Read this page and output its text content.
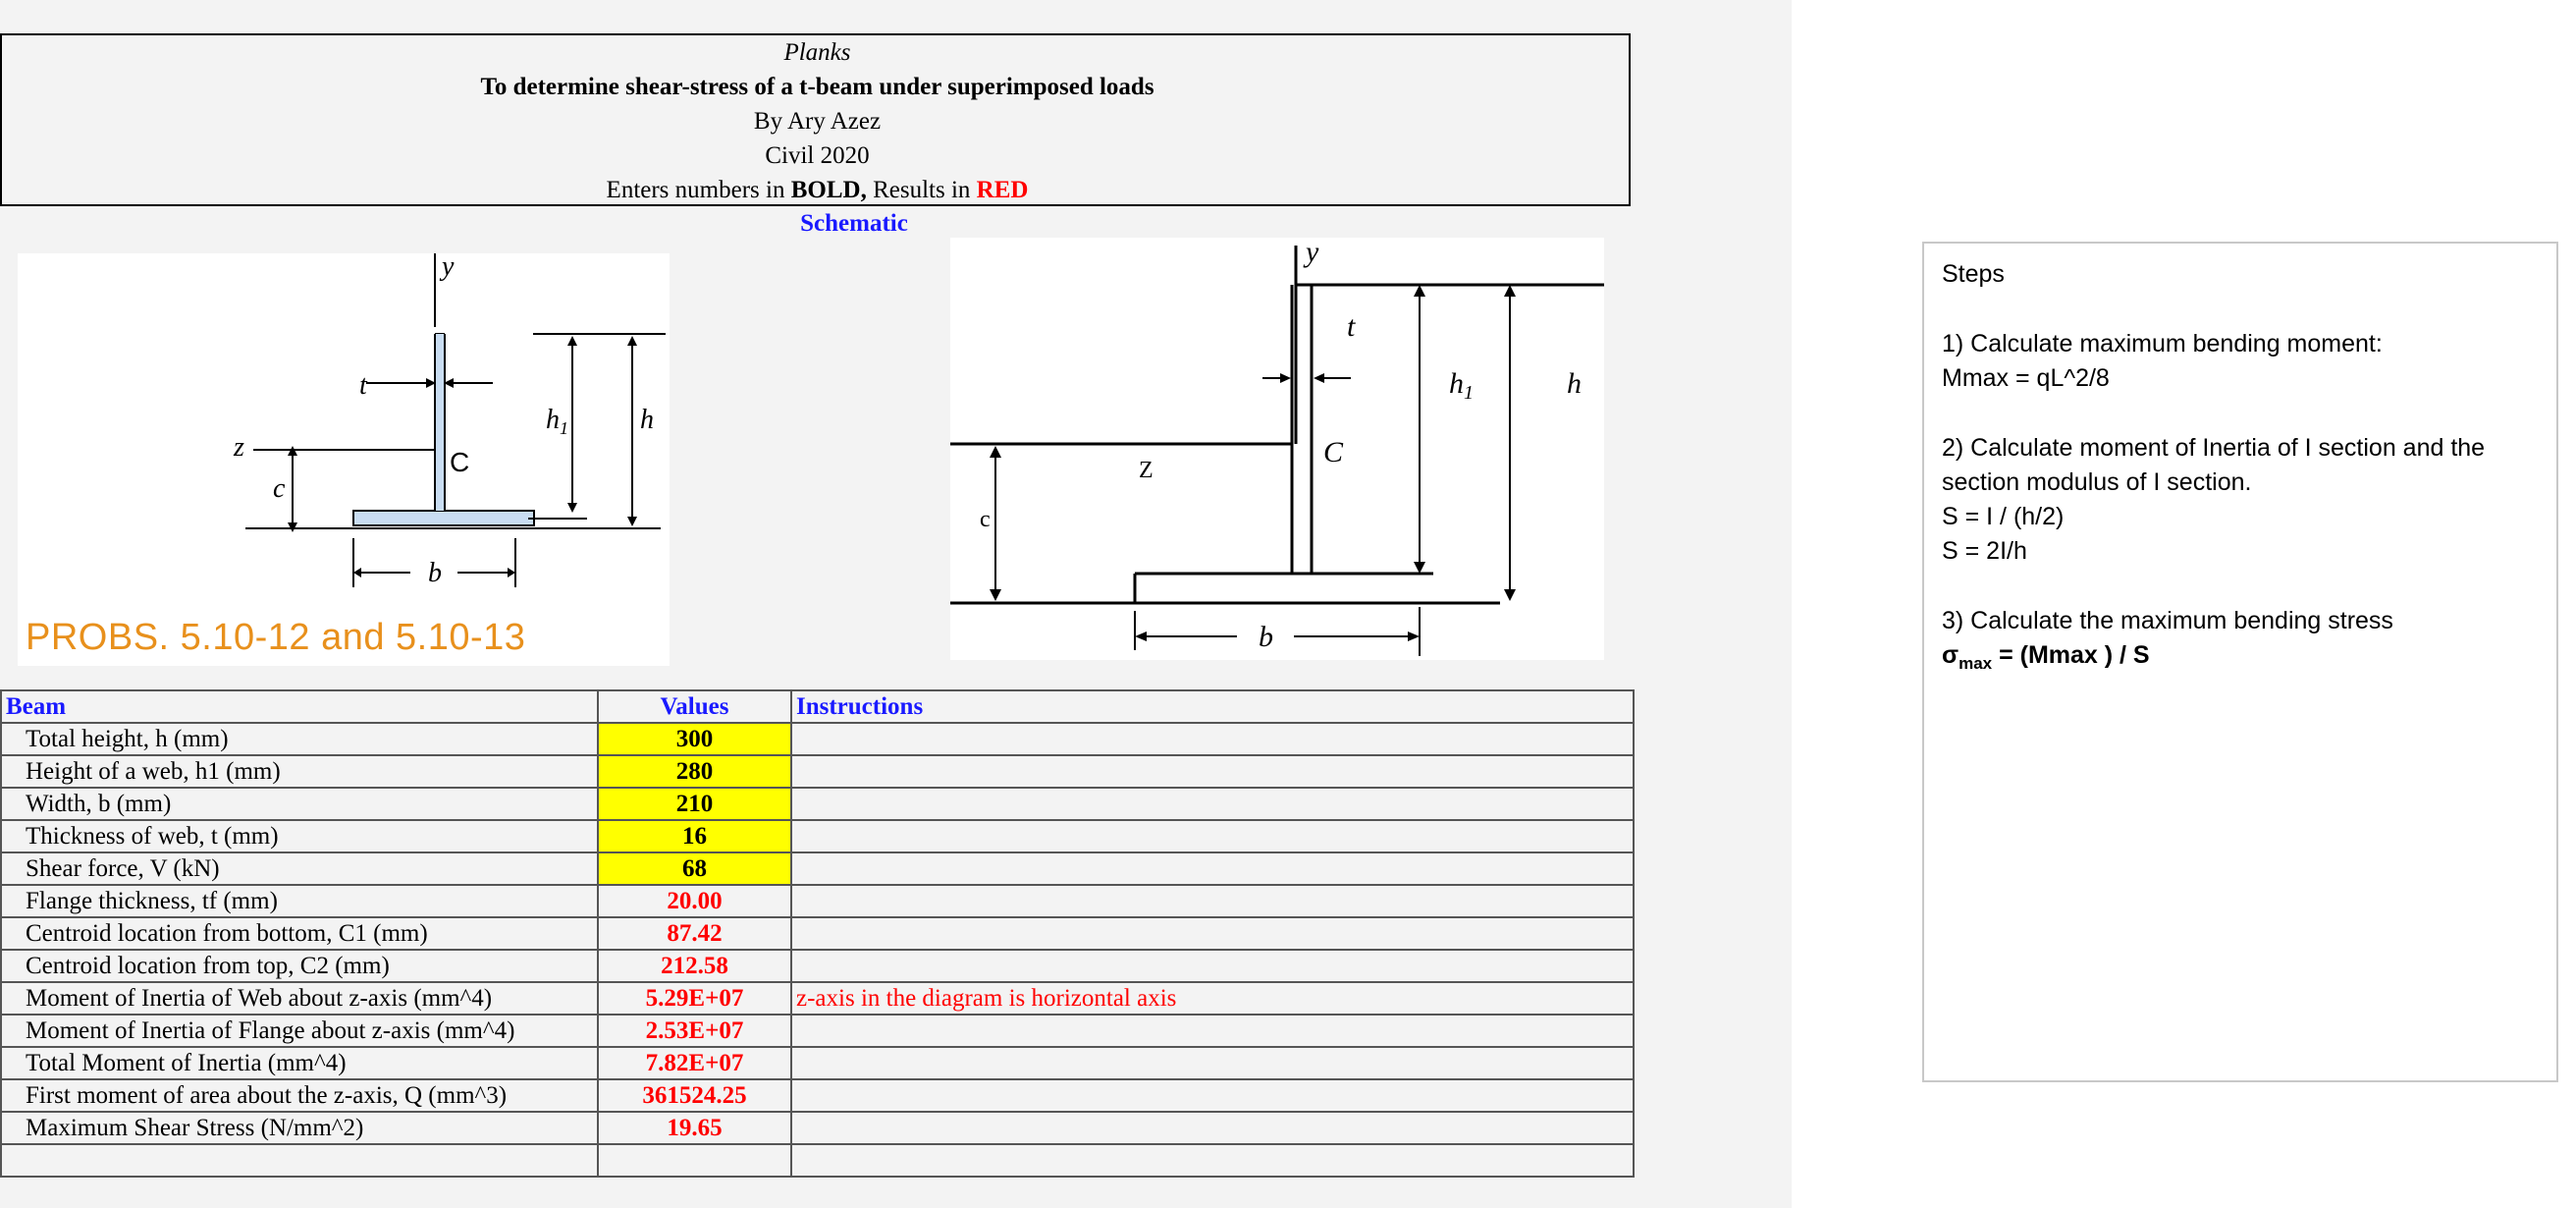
Planks
To determine shear-stress of a t-beam under superimposed loads
By Ary Azez
Civil 2020
Enters numbers in BOLD, Results in RED
Schematic
y
z
t
c
$h_1$	h
b
C
PROBS. 5.10-12 and 5.10-13
y
t
C
$h_1$	h
b
Z
c
Beam	Values	Instructions
Total height, h (mm)	300	
Height of a web, h1 (mm)	280	
Width, b (mm)	210	
Thickness of web, t (mm)	16	
Shear force, V (kN)	68	
Flange thickness, tf (mm)	20.00	
Centroid location from bottom, C1 (mm)	87.42	
Centroid location from top, C2 (mm)	212.58	
Moment of Inertia of Web about z-axis (mm^4)	5.29E+07	z-axis in the diagram is horizontal axis
Moment of Inertia of Flange about z-axis (mm^4)	2.53E+07	
Total Moment of Inertia (mm^4)	7.82E+07	
First moment of area about the z-axis, Q (mm^3)	361524.25	
Maximum Shear Stress (N/mm^2)	19.65	

Steps
1) Calculate maximum bending moment:
Mmax = qL^2/8
2) Calculate moment of Inertia of I section and the
section modulus of I section.
S = I / (h/2)
S = 2I/h
3) Calculate the maximum bending stress
$\sigma_{max} = (Mmax$ ) / S
